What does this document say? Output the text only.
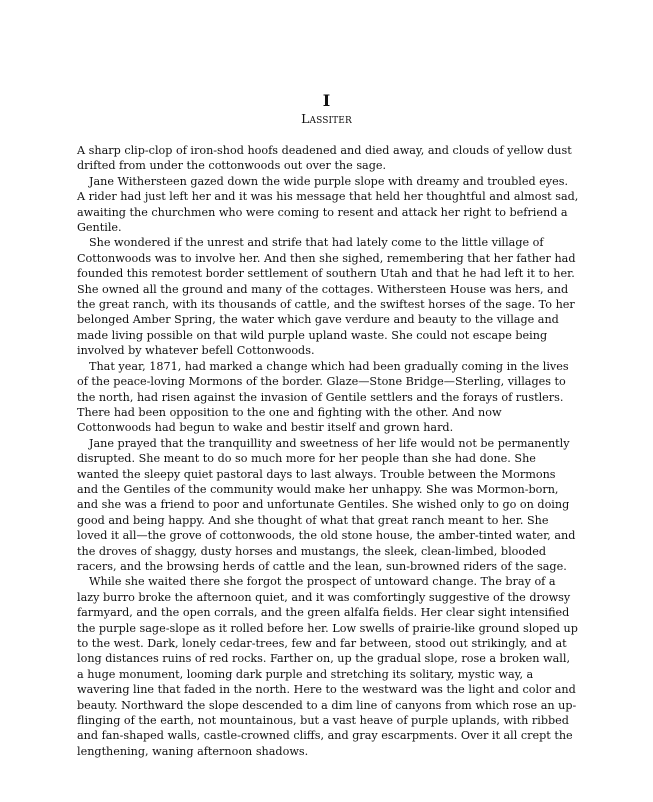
I
Lassiter

A sharp clip-clop of iron-shod hoofs deadened and died away, and clouds of yellow dust drifted from under the cottonwoods out over the sage.

Jane Withersteen gazed down the wide purple slope with dreamy and troubled eyes. A rider had just left her and it was his message that held her thoughtful and almost sad, awaiting the churchmen who were coming to resent and attack her right to befriend a Gentile.

She wondered if the unrest and strife that had lately come to the little village of Cottonwoods was to involve her. And then she sighed, remembering that her father had founded this remotest border settlement of southern Utah and that he had left it to her. She owned all the ground and many of the cottages. Withersteen House was hers, and the great ranch, with its thousands of cattle, and the swiftest horses of the sage. To her belonged Amber Spring, the water which gave verdure and beauty to the village and made living possible on that wild purple upland waste. She could not escape being involved by whatever befell Cottonwoods.

That year, 1871, had marked a change which had been gradually coming in the lives of the peace-loving Mormons of the border. Glaze—Stone Bridge—Sterling, villages to the north, had risen against the invasion of Gentile settlers and the forays of rustlers. There had been opposition to the one and fighting with the other. And now Cottonwoods had begun to wake and bestir itself and grown hard.

Jane prayed that the tranquillity and sweetness of her life would not be permanently disrupted. She meant to do so much more for her people than she had done. She wanted the sleepy quiet pastoral days to last always. Trouble between the Mormons and the Gentiles of the community would make her unhappy. She was Mormon-born, and she was a friend to poor and unfortunate Gentiles. She wished only to go on doing good and being happy. And she thought of what that great ranch meant to her. She loved it all—the grove of cottonwoods, the old stone house, the amber-tinted water, and the droves of shaggy, dusty horses and mustangs, the sleek, clean-limbed, blooded racers, and the browsing herds of cattle and the lean, sun-browned riders of the sage.

While she waited there she forgot the prospect of untoward change. The bray of a lazy burro broke the afternoon quiet, and it was comfortingly suggestive of the drowsy farmyard, and the open corrals, and the green alfalfa fields. Her clear sight intensified the purple sage-slope as it rolled before her. Low swells of prairie-like ground sloped up to the west. Dark, lonely cedar-trees, few and far between, stood out strikingly, and at long distances ruins of red rocks. Farther on, up the gradual slope, rose a broken wall, a huge monument, looming dark purple and stretching its solitary, mystic way, a wavering line that faded in the north. Here to the westward was the light and color and beauty. Northward the slope descended to a dim line of canyons from which rose an up-flinging of the earth, not mountainous, but a vast heave of purple uplands, with ribbed and fan-shaped walls, castle-crowned cliffs, and gray escarpments. Over it all crept the lengthening, waning afternoon shadows.
